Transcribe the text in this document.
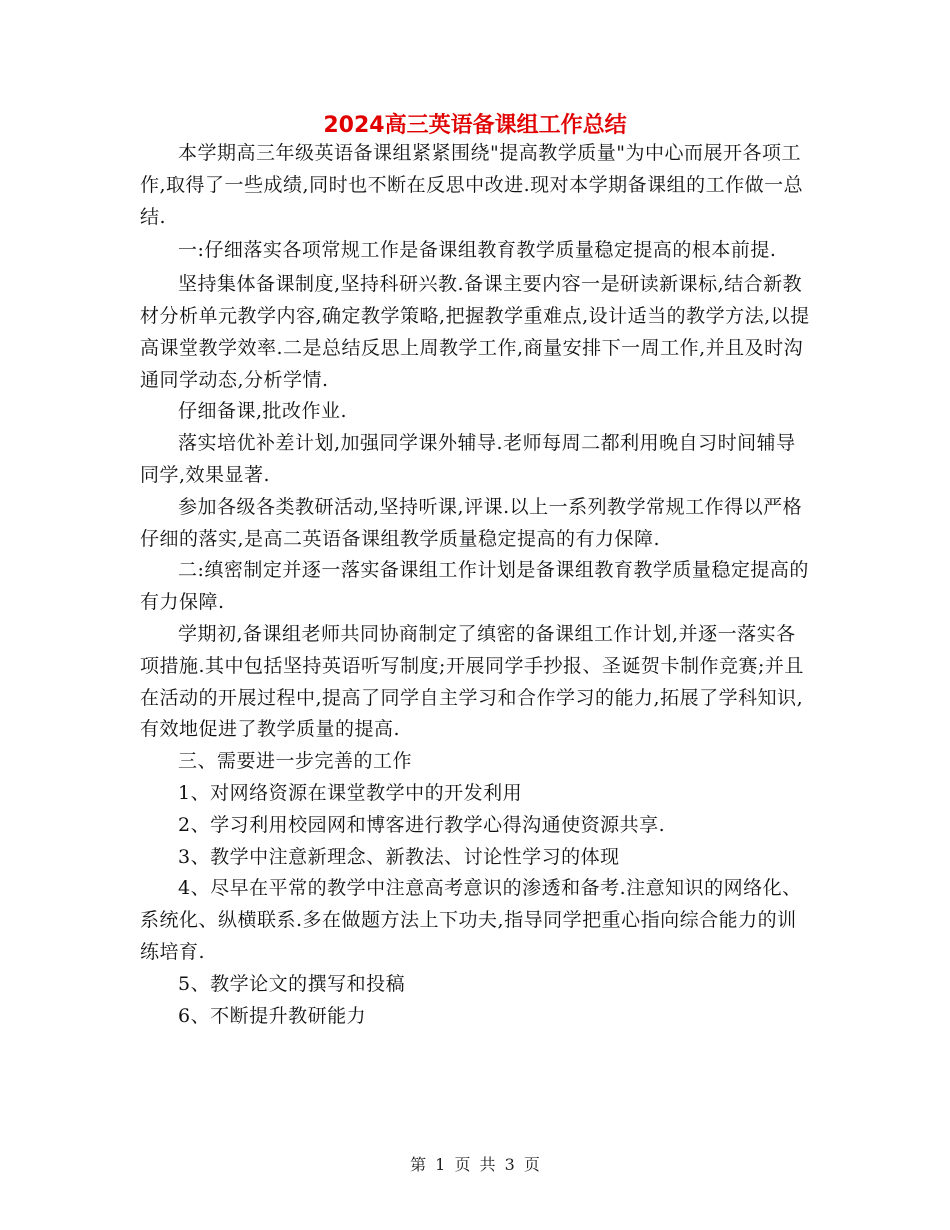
2024高三英语备课组工作总结

本学期高三年级英语备课组紧紧围绕"提高教学质量"为中心而展开各项工作,取得了一些成绩,同时也不断在反思中改进.现对本学期备课组的工作做一总结.

一:仔细落实各项常规工作是备课组教育教学质量稳定提高的根本前提.

坚持集体备课制度,坚持科研兴教.备课主要内容一是研读新课标,结合新教材分析单元教学内容,确定教学策略,把握教学重难点,设计适当的教学方法,以提高课堂教学效率.二是总结反思上周教学工作,商量安排下一周工作,并且及时沟通同学动态,分析学情.

仔细备课,批改作业.

落实培优补差计划,加强同学课外辅导.老师每周二都利用晚自习时间辅导同学,效果显著.

参加各级各类教研活动,坚持听课,评课.以上一系列教学常规工作得以严格仔细的落实,是高二英语备课组教学质量稳定提高的有力保障.

二:缜密制定并逐一落实备课组工作计划是备课组教育教学质量稳定提高的有力保障.

学期初,备课组老师共同协商制定了缜密的备课组工作计划,并逐一落实各项措施.其中包括坚持英语听写制度;开展同学手抄报、圣诞贺卡制作竞赛;并且在活动的开展过程中,提高了同学自主学习和合作学习的能力,拓展了学科知识,有效地促进了教学质量的提高.

三、需要进一步完善的工作

1、对网络资源在课堂教学中的开发利用

2、学习利用校园网和博客进行教学心得沟通使资源共享.

3、教学中注意新理念、新教法、讨论性学习的体现

4、尽早在平常的教学中注意高考意识的渗透和备考.注意知识的网络化、系统化、纵横联系.多在做题方法上下功夫,指导同学把重心指向综合能力的训练培育.

5、教学论文的撰写和投稿

6、不断提升教研能力

第 1 页 共 3 页
